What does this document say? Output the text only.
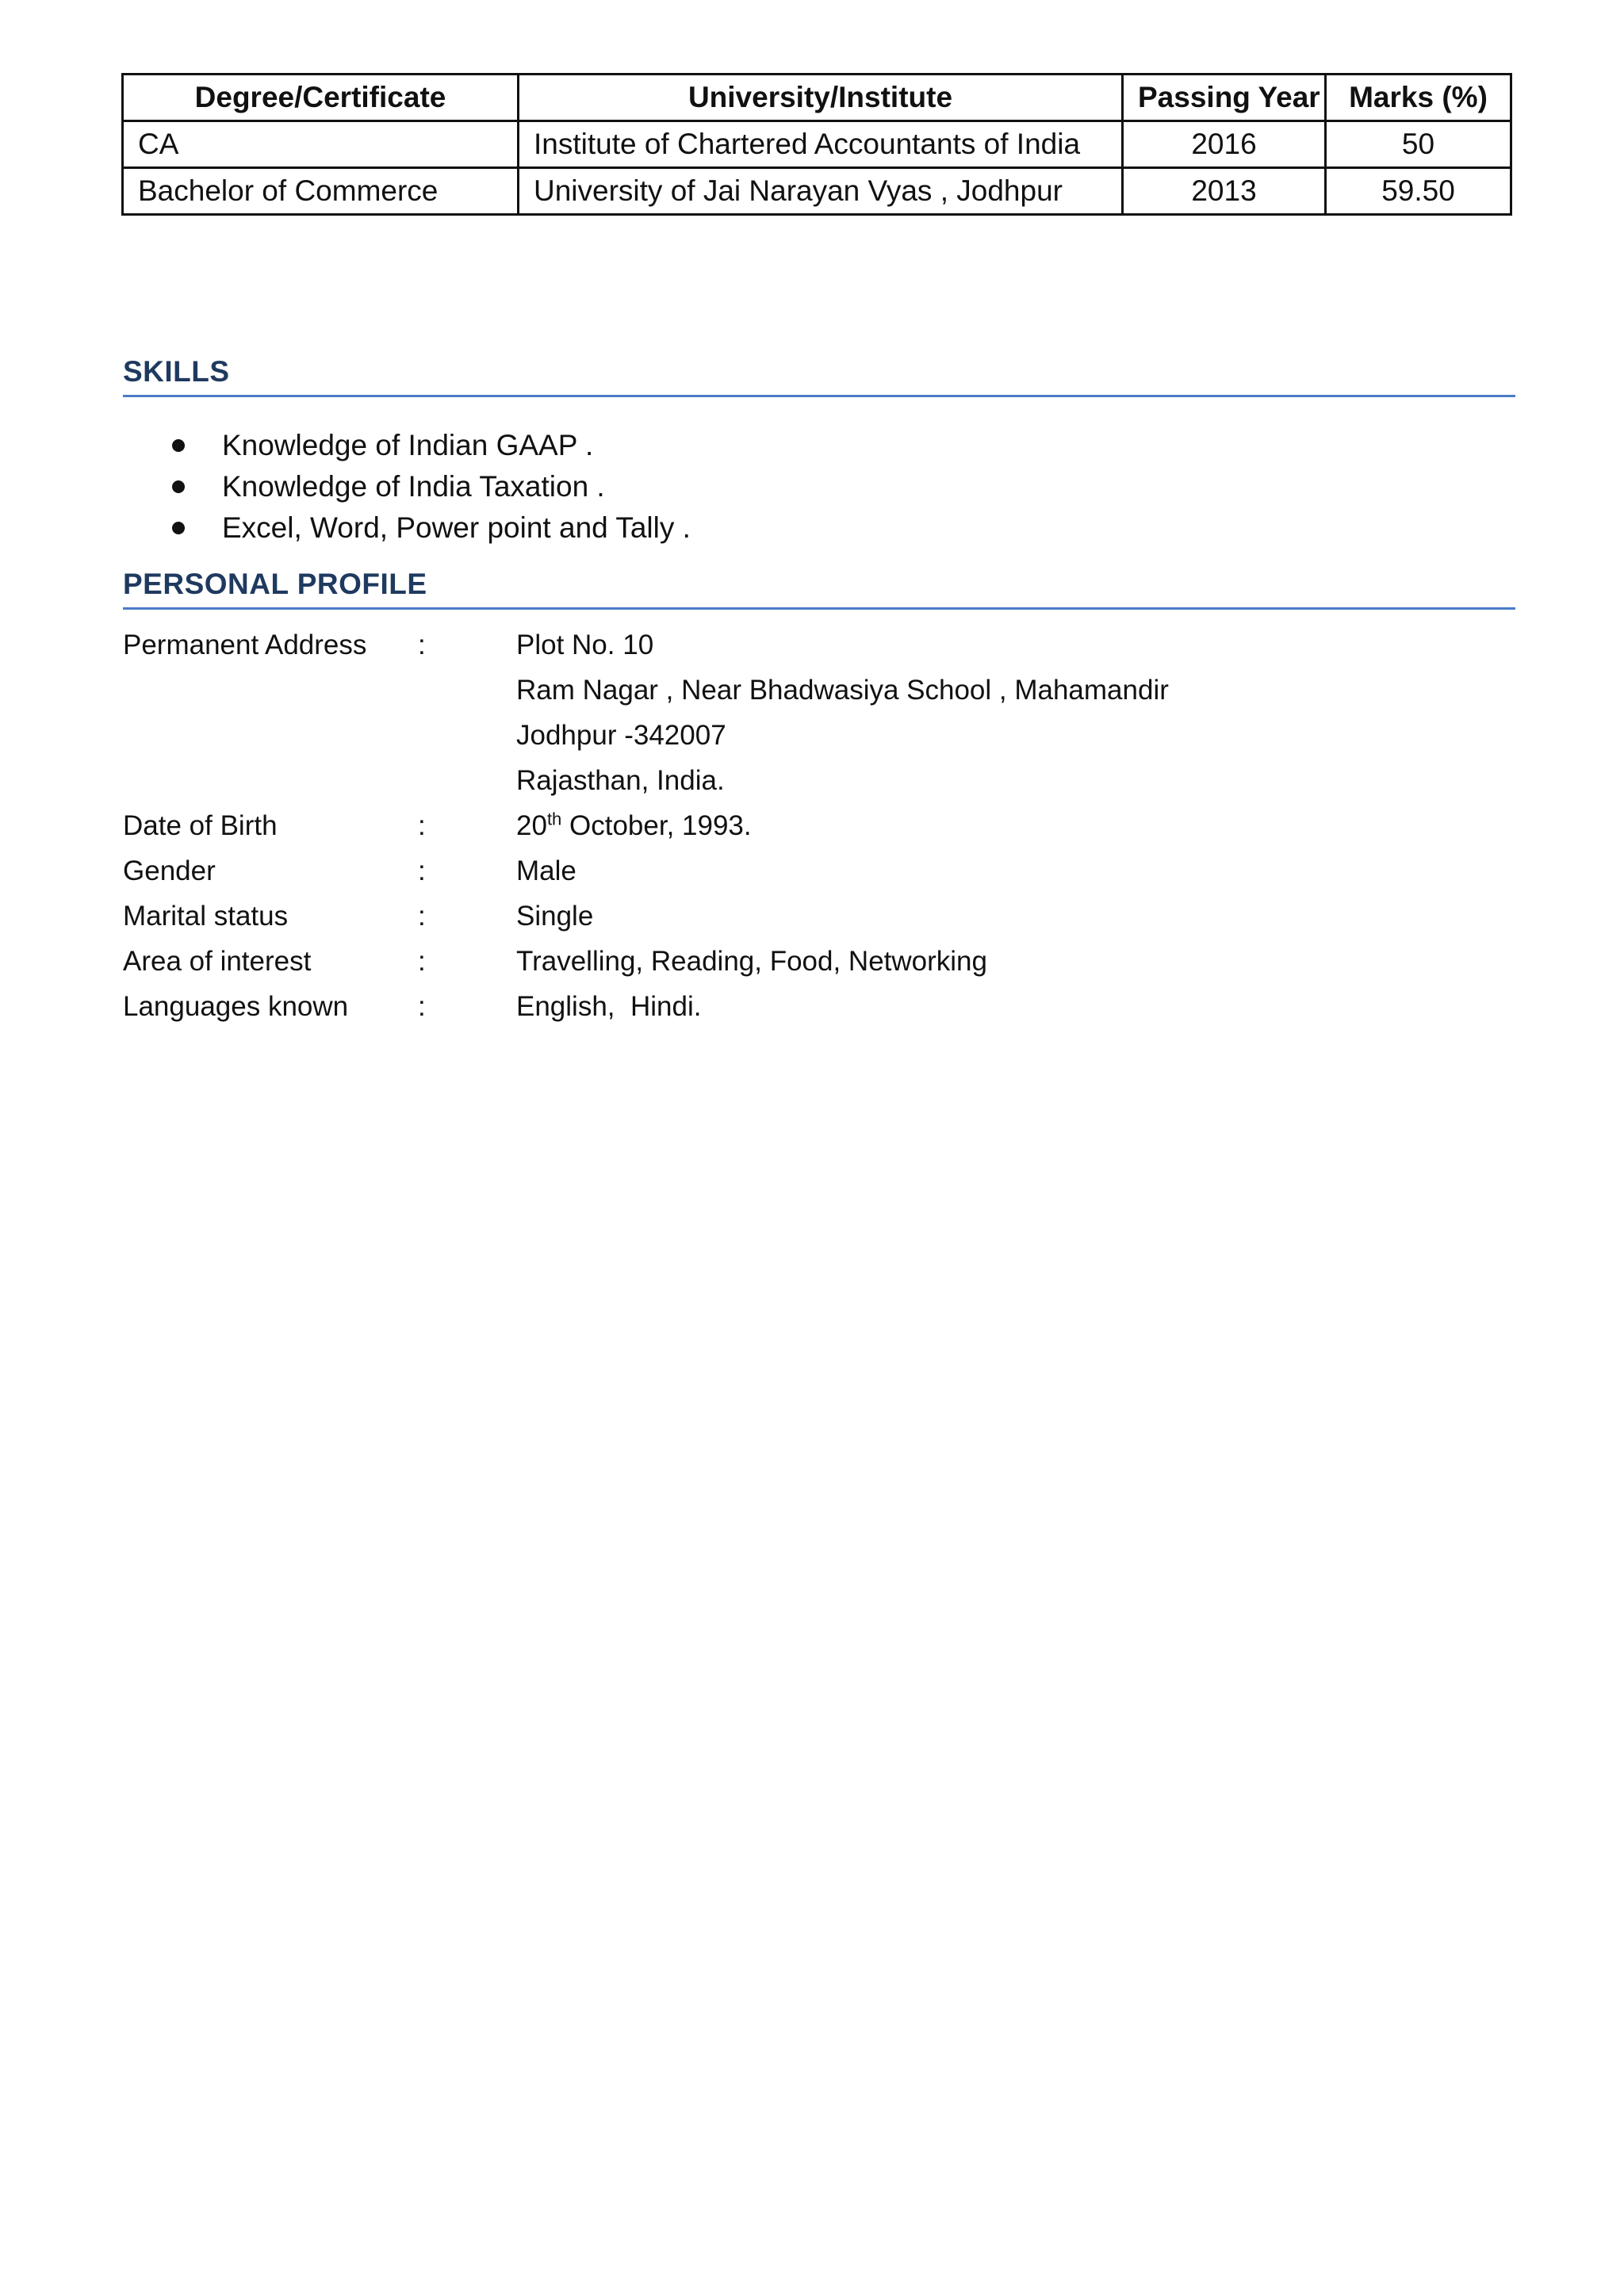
Degree/Certificate	University/Institute	Passing Year	Marks (%)
CA	Institute of Chartered Accountants of India	2016	50
Bachelor of Commerce	University of Jai Narayan Vyas , Jodhpur	2013	59.50
SKILLS
Knowledge of Indian GAAP .
Knowledge of India Taxation .
Excel, Word, Power point and Tally .
PERSONAL PROFILE
Permanent Address :	Plot No. 10
Ram Nagar , Near Bhadwasiya School , Mahamandir
Jodhpur -342007
Rajasthan, India.
Date of Birth	:	20th October, 1993.
Gender	:	Male
Marital status	:	Single
Area of interest	:	Travelling, Reading, Food, Networking
Languages known	:	English,  Hindi.
